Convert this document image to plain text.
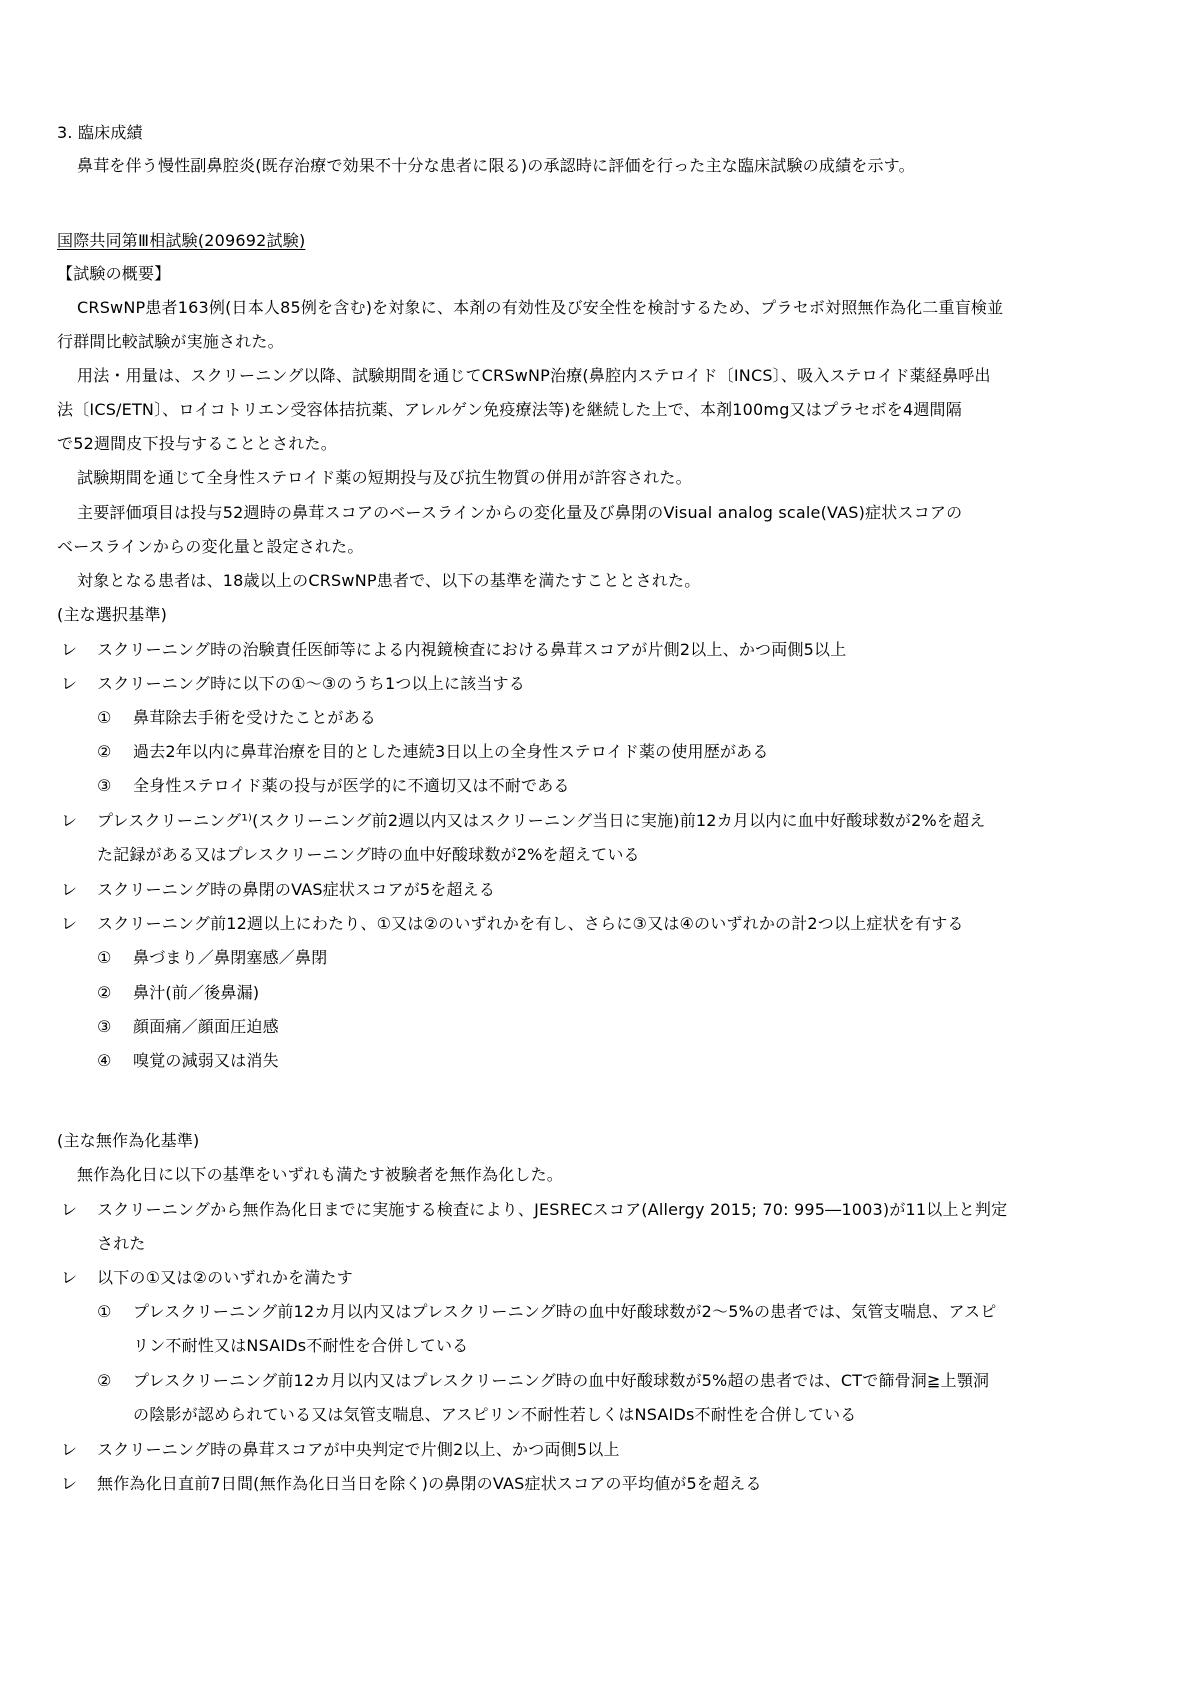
3. 臨床成績
鼻茸を伴う慢性副鼻腔炎(既存治療で効果不十分な患者に限る)の承認時に評価を行った主な臨床試験の成績を示す。
国際共同第Ⅲ相試験(209692試験)
【試験の概要】
CRSwNP患者163例(日本人85例を含む)を対象に、本剤の有効性及び安全性を検討するため、プラセボ対照無作為化二重盲検並
行群間比較試験が実施された。
用法・用量は、スクリーニング以降、試験期間を通じてCRSwNP治療(鼻腔内ステロイド〔INCS〕、吸入ステロイド薬経鼻呼出
法〔ICS/ETN〕、ロイコトリエン受容体拮抗薬、アレルゲン免疫療法等)を継続した上で、本剤100mg又はプラセボを4週間隔
で52週間皮下投与することとされた。
試験期間を通じて全身性ステロイド薬の短期投与及び抗生物質の併用が許容された。
主要評価項目は投与52週時の鼻茸スコアのベースラインからの変化量及び鼻閉のVisual analog scale(VAS)症状スコアの
ベースラインからの変化量と設定された。
対象となる患者は、18歳以上のCRSwNP患者で、以下の基準を満たすこととされた。
(主な選択基準)
レ スクリーニング時の治験責任医師等による内視鏡検査における鼻茸スコアが片側2以上、かつ両側5以上
レ スクリーニング時に以下の①～③のうち1つ以上に該当する
① 鼻茸除去手術を受けたことがある
② 過去2年以内に鼻茸治療を目的とした連続3日以上の全身性ステロイド薬の使用歴がある
③ 全身性ステロイド薬の投与が医学的に不適切又は不耐である
レ プレスクリーニング¹⁾(スクリーニング前2週以内又はスクリーニング当日に実施)前12カ月以内に血中好酸球数が2%を超え
た記録がある又はプレスクリーニング時の血中好酸球数が2%を超えている
レ スクリーニング時の鼻閉のVAS症状スコアが5を超える
レ スクリーニング前12週以上にわたり、①又は②のいずれかを有し、さらに③又は④のいずれかの計2つ以上症状を有する
① 鼻づまり／鼻閉塞感／鼻閉
② 鼻汁(前／後鼻漏)
③ 顔面痛／顔面圧迫感
④ 嗅覚の減弱又は消失
(主な無作為化基準)
無作為化日に以下の基準をいずれも満たす被験者を無作為化した。
レ スクリーニングから無作為化日までに実施する検査により、JESRECスコア(Allergy 2015; 70: 995―1003)が11以上と判定
された
レ 以下の①又は②のいずれかを満たす
① プレスクリーニング前12カ月以内又はプレスクリーニング時の血中好酸球数が2～5%の患者では、気管支喘息、アスピ
リン不耐性又はNSAIDs不耐性を合併している
② プレスクリーニング前12カ月以内又はプレスクリーニング時の血中好酸球数が5%超の患者では、CTで篩骨洞≧上顎洞
の陰影が認められている又は気管支喘息、アスピリン不耐性若しくはNSAIDs不耐性を合併している
レ スクリーニング時の鼻茸スコアが中央判定で片側2以上、かつ両側5以上
レ 無作為化日直前7日間(無作為化日当日を除く)の鼻閉のVAS症状スコアの平均値が5を超える
